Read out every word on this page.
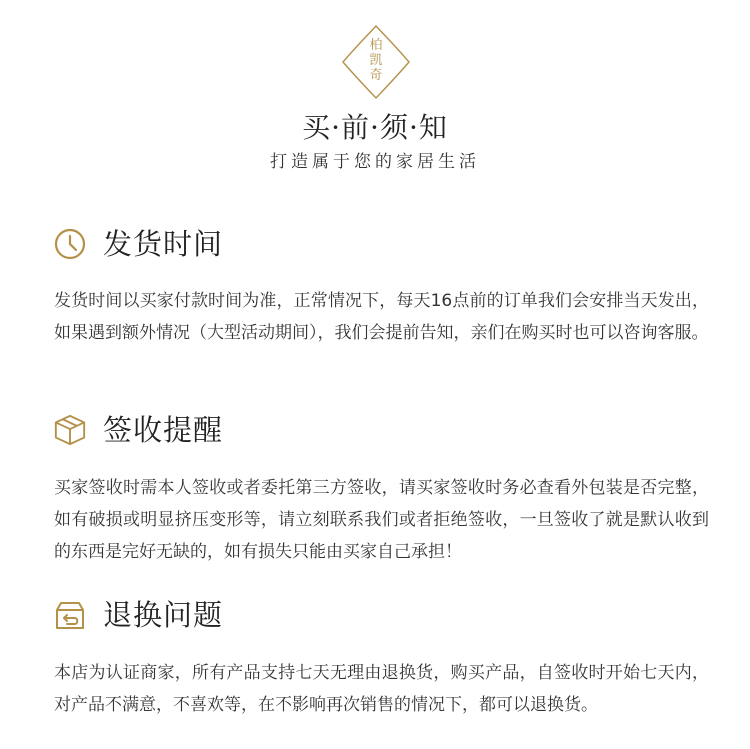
柏
凯
奇
买·前·须·知
打造属于您的家居生活
发货时间

发货时间以买家付款时间为准，正常情况下，每天16点前的订单我们会安排当天发出，如果遇到额外情况（大型活动期间），我们会提前告知，亲们在购买时也可以咨询客服。

签收提醒

买家签收时需本人签收或者委托第三方签收，请买家签收时务必查看外包装是否完整，如有破损或明显挤压变形等，请立刻联系我们或者拒绝签收，一旦签收了就是默认收到的东西是完好无缺的，如有损失只能由买家自己承担！

退换问题

本店为认证商家，所有产品支持七天无理由退换货，购买产品，自签收时开始七天内，对产品不满意，不喜欢等，在不影响再次销售的情况下，都可以退换货。
